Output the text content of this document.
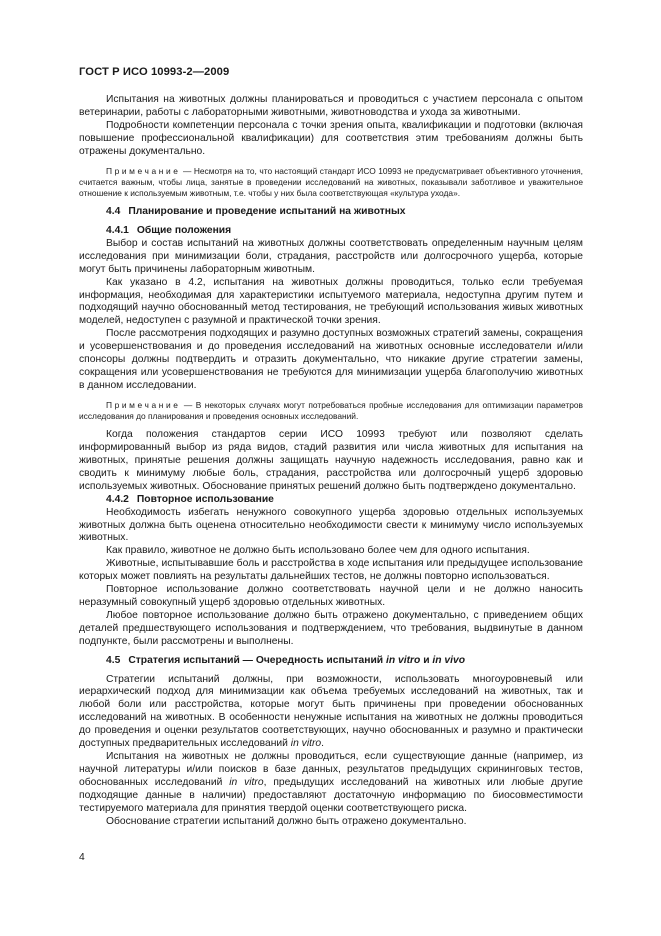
ГОСТ Р ИСО 10993-2—2009

Испытания на животных должны планироваться и проводиться с участием персонала с опытом ветеринарии, работы с лабораторными животными, животноводства и ухода за животными.

Подробности компетенции персонала с точки зрения опыта, квалификации и подготовки (включая повышение профессиональной квалификации) для соответствия этим требованиям должны быть отражены документально.

Примечание — Несмотря на то, что настоящий стандарт ИСО 10993 не предусматривает объективного уточнения, считается важным, чтобы лица, занятые в проведении исследований на животных, показывали заботливое и уважительное отношение к используемым животным, т.е. чтобы у них была соответствующая «культура ухода».

4.4 Планирование и проведение испытаний на животных
4.4.1 Общие положения

Выбор и состав испытаний на животных должны соответствовать определенным научным целям исследования при минимизации боли, страдания, расстройств или долгосрочного ущерба, которые могут быть причинены лабораторным животным.

Как указано в 4.2, испытания на животных должны проводиться, только если требуемая информация, необходимая для характеристики испытуемого материала, недоступна другим путем и подходящий научно обоснованный метод тестирования, не требующий использования живых животных моделей, недоступен с разумной и практической точки зрения.

После рассмотрения подходящих и разумно доступных возможных стратегий замены, сокращения и усовершенствования и до проведения исследований на животных основные исследователи и/или спонсоры должны подтвердить и отразить документально, что никакие другие стратегии замены, сокращения или усовершенствования не требуются для минимизации ущерба благополучию животных в данном исследовании.

Примечание — В некоторых случаях могут потребоваться пробные исследования для оптимизации параметров исследования до планирования и проведения основных исследований.

Когда положения стандартов серии ИСО 10993 требуют или позволяют сделать информированный выбор из ряда видов, стадий развития или числа животных для испытания на животных, принятые решения должны защищать научную надежность исследования, равно как и сводить к минимуму любые боль, страдания, расстройства или долгосрочный ущерб здоровью используемых животных. Обоснование принятых решений должно быть подтверждено документально.

4.4.2 Повторное использование

Необходимость избегать ненужного совокупного ущерба здоровью отдельных используемых животных должна быть оценена относительно необходимости свести к минимуму число используемых животных.

Как правило, животное не должно быть использовано более чем для одного испытания.

Животные, испытывавшие боль и расстройства в ходе испытания или предыдущее использование которых может повлиять на результаты дальнейших тестов, не должны повторно использоваться.

Повторное использование должно соответствовать научной цели и не должно наносить неразумный совокупный ущерб здоровью отдельных животных.

Любое повторное использование должно быть отражено документально, с приведением общих деталей предшествующего использования и подтверждением, что требования, выдвинутые в данном подпункте, были рассмотрены и выполнены.

4.5 Стратегия испытаний — Очередность испытаний in vitro и in vivo

Стратегии испытаний должны, при возможности, использовать многоуровневый или иерархический подход для минимизации как объема требуемых исследований на животных, так и любой боли или расстройства, которые могут быть причинены при проведении обоснованных исследований на животных. В особенности ненужные испытания на животных не должны проводиться до проведения и оценки результатов соответствующих, научно обоснованных и разумно и практически доступных предварительных исследований in vitro.

Испытания на животных не должны проводиться, если существующие данные (например, из научной литературы и/или поисков в базе данных, результатов предыдущих скрининговых тестов, обоснованных исследований in vitro, предыдущих исследований на животных или любые другие подходящие данные в наличии) предоставляют достаточную информацию по биосовместимости тестируемого материала для принятия твердой оценки соответствующего риска.

Обоснование стратегии испытаний должно быть отражено документально.

4
